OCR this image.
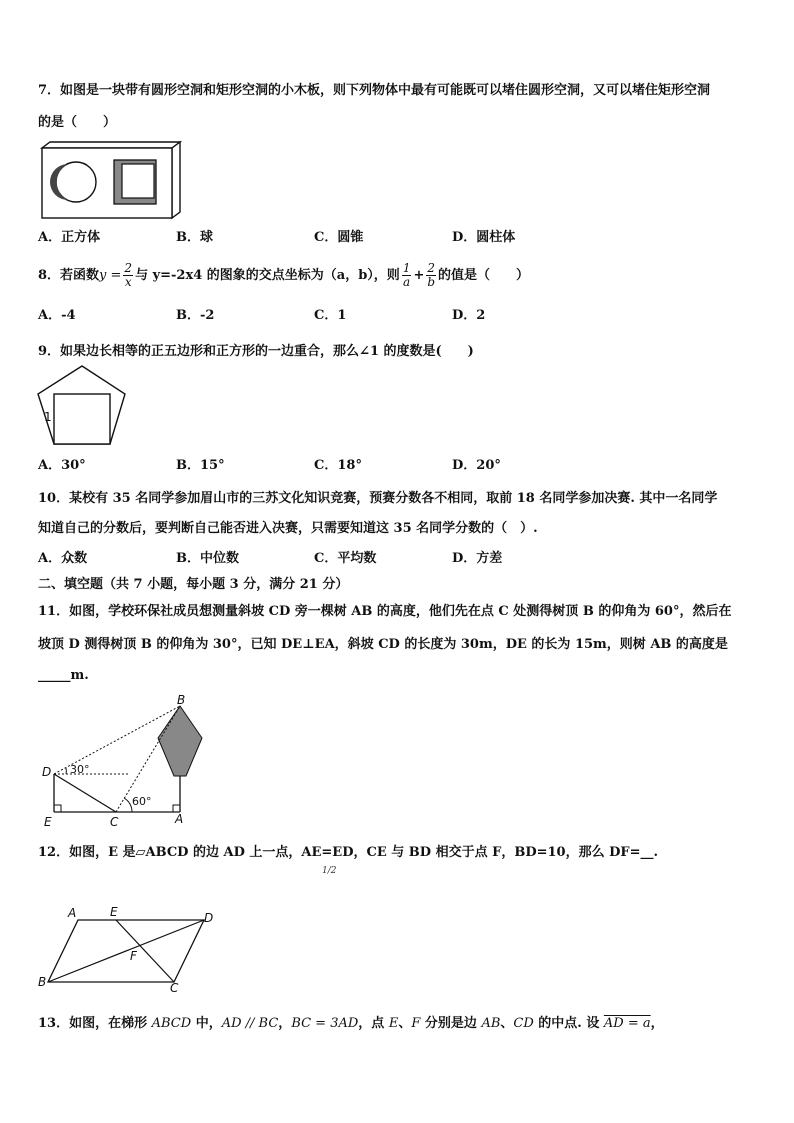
7．如图是一块带有圆形空洞和矩形空洞的小木板，则下列物体中最有可能既可以堵住圆形空洞，又可以堵住矩形空洞
的是（　　）
A．正方体	B．球	C．圆锥	D．圆柱体
8．若函数$y = \frac{2}{x}$ 与 y=-2x4 的图象的交点坐标为（a，b），则 $\frac{1}{a} + \frac{2}{b}$ 的值是（　　）
A．-4	B．-2	C．1	D．2
9．如果边长相等的正五边形和正方形的一边重合，那么∠1 的度数是(　　)
1
A．30°	B．15°	C．18°	D．20°
10．某校有 35 名同学参加眉山市的三苏文化知识竞赛，预赛分数各不相同，取前 18 名同学参加决赛. 其中一名同学
知道自己的分数后，要判断自己能否进入决赛，只需要知道这 35 名同学分数的（　）.
A．众数	B．中位数	C．平均数	D．方差
二、填空题（共 7 小题，每小题 3 分，满分 21 分）
11．如图，学校环保社成员想测量斜坡 CD 旁一棵树 AB 的高度，他们先在点 C 处测得树顶 B 的仰角为 60°，然后在
坡顶 D 测得树顶 B 的仰角为 30°，已知 DE⊥EA，斜坡 CD 的长度为 30m，DE 的长为 15m，则树 AB 的高度是
_____m.
B
D
E	C	A
30°
60°
12．如图，E 是▱ABCD 的边 AD 上一点，AE=ED，CE 与 BD 相交于点 F，BD=10，那么 DF=__.
1/2
A	E	D
F
B	C
13．如图，在梯形 ABCD 中，AD // BC，BC = 3AD，点 E、F 分别是边 AB、CD 的中点. 设 AD = a，
